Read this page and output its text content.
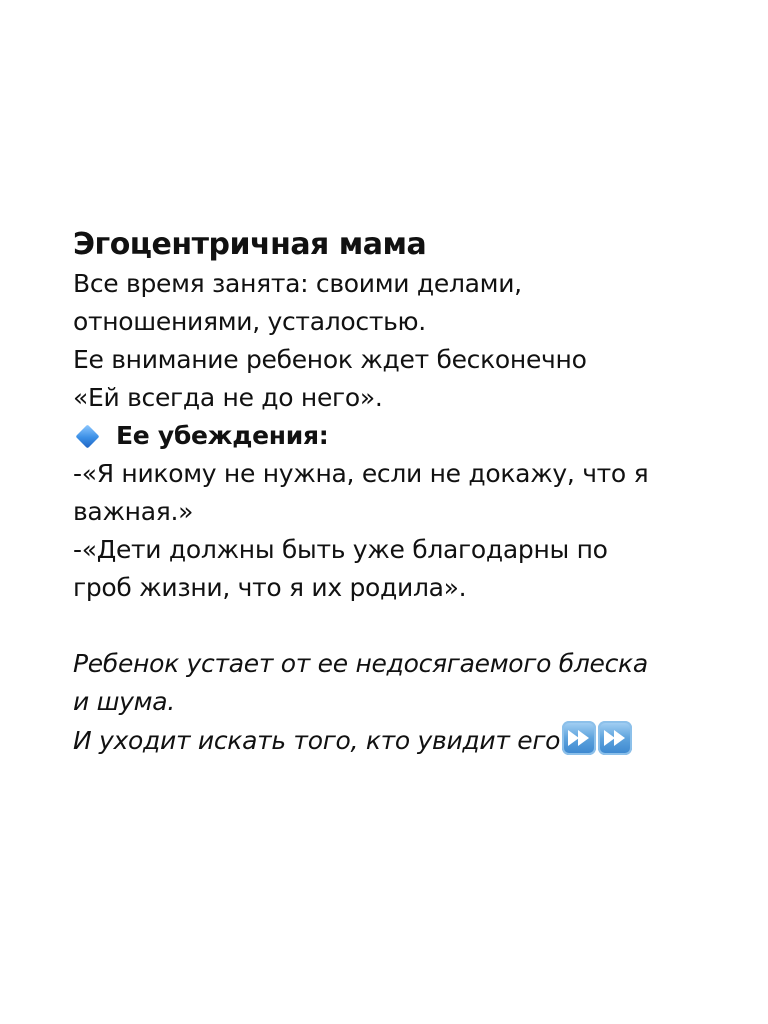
Эгоцентричная мама

Все время занята: своими делами,

отношениями, усталостью.

Ее внимание ребенок ждет бесконечно

«Ей всегда не до него».

Ее убеждения:

-«Я никому не нужна, если не докажу, что я

важная.»

-«Дети должны быть уже благодарны по

гроб жизни, что я их родила».

Ребенок устает от ее недосягаемого блеска

и шума.

И уходит искать того, кто увидит его
